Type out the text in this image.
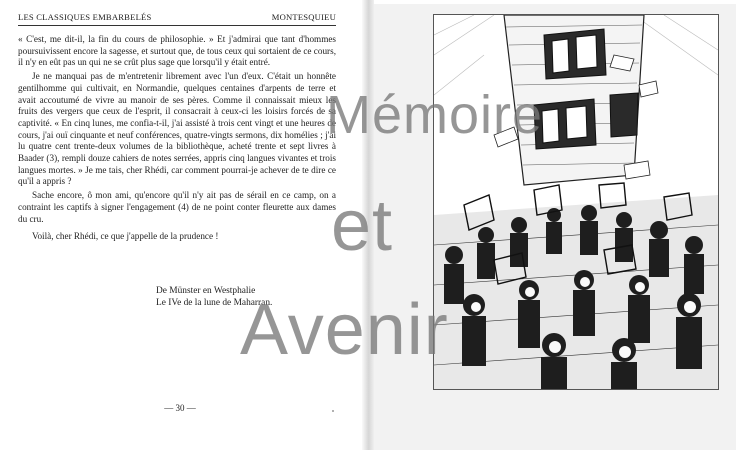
LES CLASSIQUES EMBARBELÉS	MONTESQUIEU

« C'est, me dit-il, la fin du cours de philosophie. » Et j'admirai que tant d'hommes poursuivissent encore la sagesse, et surtout que, de tous ceux qui sortaient de ce cours, il n'y en eût pas un qui ne se crût plus sage que lorsqu'il y était entré.

Je ne manquai pas de m'entretenir librement avec l'un d'eux. C'était un honnête gentilhomme qui cultivait, en Normandie, quelques centaines d'arpents de terre et avait accoutumé de vivre au manoir de ses pères. Comme il connaissait mieux les fruits des vergers que ceux de l'esprit, il consacrait à ceux-ci les loisirs forcés de sa captivité. « En cinq lunes, me confia-t-il, j'ai assisté à trois cent vingt et une heures de cours, j'ai ouï cinquante et neuf conférences, quatre-vingts sermons, dix homélies ; j'ai lu quatre cent trente-deux volumes de la bibliothèque, acheté trente et sept livres à Baader (3), rempli douze cahiers de notes serrées, appris cinq langues vivantes et trois langues mortes. » Je me tais, cher Rhédi, car comment pourrai-je achever de te dire ce qu'il a appris ?

Sache encore, ô mon ami, qu'encore qu'il n'y ait pas de sérail en ce camp, on a contraint les captifs à signer l'engagement (4) de ne point conter fleurette aux dames du cru.

Voilà, cher Rhédi, ce que j'appelle de la prudence !

De Münster en Westphalie
Le IVe de la lune de Maharran.
— 30 —
Mémoire
et
Avenir
